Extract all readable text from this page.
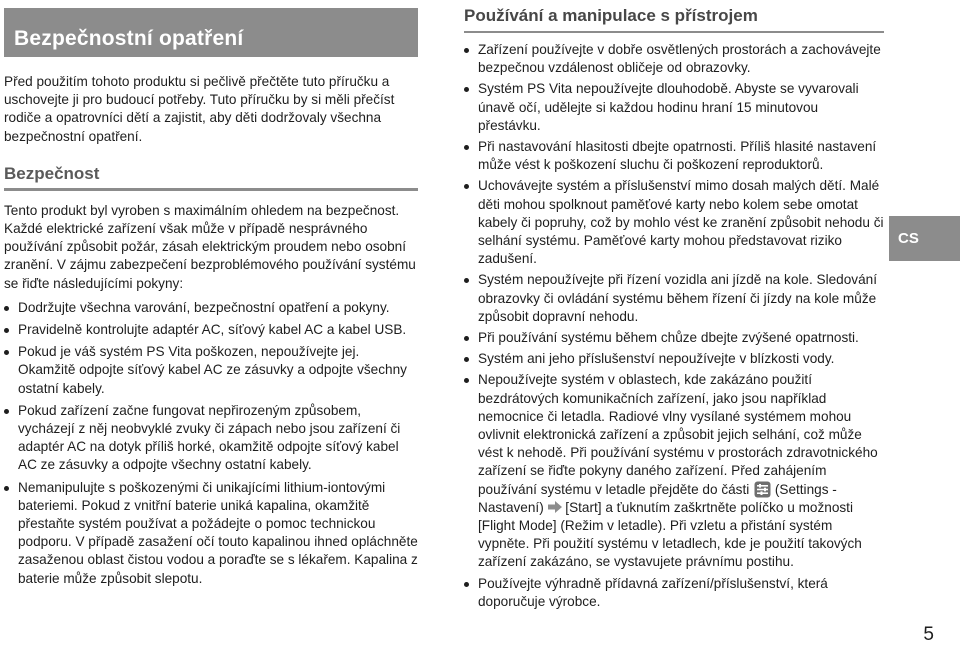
Bezpečnostní opatření

Před použitím tohoto produktu si pečlivě přečtěte tuto příručku a uschovejte ji pro budoucí potřeby. Tuto příručku by si měli přečíst rodiče a opatrovníci dětí a zajistit, aby děti dodržovaly všechna bezpečnostní opatření.

Bezpečnost

Tento produkt byl vyroben s maximálním ohledem na bezpečnost. Každé elektrické zařízení však může v případě nesprávného používání způsobit požár, zásah elektrickým proudem nebo osobní zranění. V zájmu zabezpečení bezproblémového používání systému se řiďte následujícími pokyny:

Dodržujte všechna varování, bezpečnostní opatření a pokyny.
Pravidelně kontrolujte adaptér AC, síťový kabel AC a kabel USB.
Pokud je váš systém PS Vita poškozen, nepoužívejte jej. Okamžitě odpojte síťový kabel AC ze zásuvky a odpojte všechny ostatní kabely.
Pokud zařízení začne fungovat nepřirozeným způsobem, vycházejí z něj neobvyklé zvuky či zápach nebo jsou zařízení či adaptér AC na dotyk příliš horké, okamžitě odpojte síťový kabel AC ze zásuvky a odpojte všechny ostatní kabely.
Nemanipulujte s poškozenými či unikajícími lithium-iontovými bateriemi. Pokud z vnitřní baterie uniká kapalina, okamžitě přestaňte systém používat a požádejte o pomoc technickou podporu. V případě zasažení očí touto kapalinou ihned opláchněte zasaženou oblast čistou vodou a poraďte se s lékařem. Kapalina z baterie může způsobit slepotu.
Používání a manipulace s přístrojem
Zařízení používejte v dobře osvětlených prostorách a zachovávejte bezpečnou vzdálenost obličeje od obrazovky.
Systém PS Vita nepoužívejte dlouhodobě. Abyste se vyvarovali únavě očí, udělejte si každou hodinu hraní 15 minutovou přestávku.
Při nastavování hlasitosti dbejte opatrnosti. Příliš hlasité nastavení může vést k poškození sluchu či poškození reproduktorů.
Uchovávejte systém a příslušenství mimo dosah malých dětí. Malé děti mohou spolknout paměťové karty nebo kolem sebe omotat kabely či popruhy, což by mohlo vést ke zranění způsobit nehodu či selhání systému. Paměťové karty mohou představovat riziko zadušení.
Systém nepoužívejte při řízení vozidla ani jízdě na kole. Sledování obrazovky či ovládání systému během řízení či jízdy na kole může způsobit dopravní nehodu.
Při používání systému během chůze dbejte zvýšené opatrnosti.
Systém ani jeho příslušenství nepoužívejte v blízkosti vody.
Nepoužívejte systém v oblastech, kde zakázáno použití bezdrátových komunikačních zařízení, jako jsou například nemocnice či letadla. Radiové vlny vysílané systémem mohou ovlivnit elektronická zařízení a způsobit jejich selhání, což může vést k nehodě. Při používání systému v prostorách zdravotnického zařízení se řiďte pokyny daného zařízení. Před zahájením používání systému v letadle přejděte do části (Settings - Nastavení) [Start] a ťuknutím zaškrtněte políčko u možnosti [Flight Mode] (Režim v letadle). Při vzletu a přistání systém vypněte. Při použití systému v letadlech, kde je použití takových zařízení zakázáno, se vystavujete právnímu postihu.
Používejte výhradně přídavná zařízení/příslušenství, která doporučuje výrobce.
CS
5
